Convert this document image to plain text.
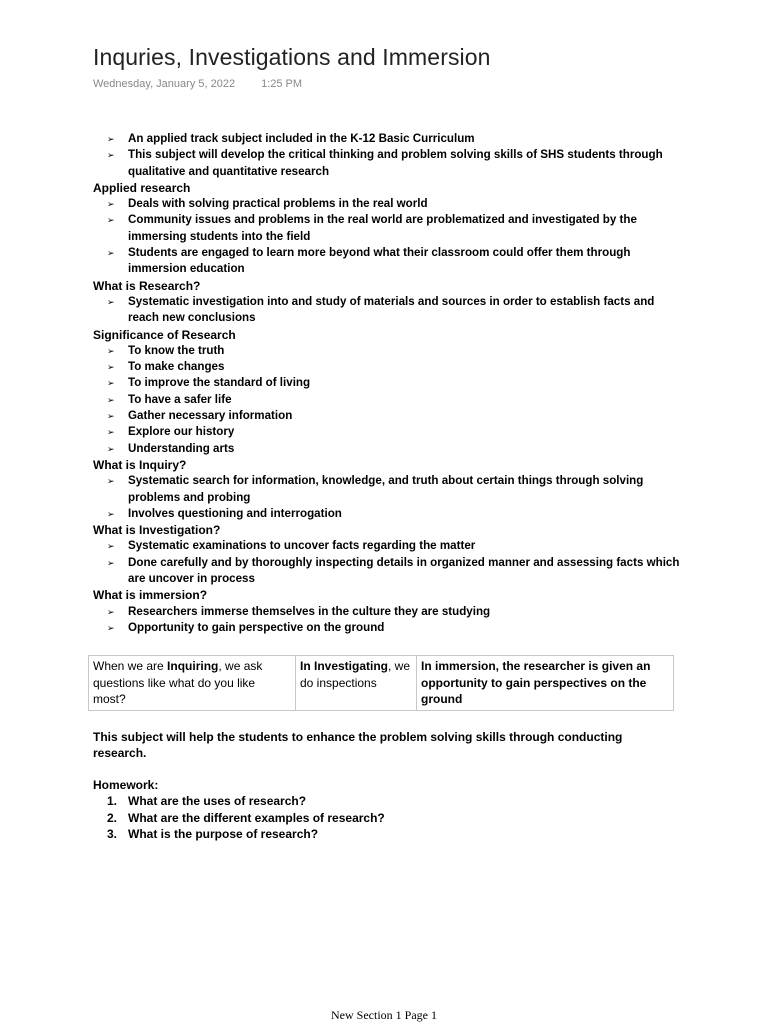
Inquries, Investigations and Immersion
Wednesday, January 5, 2022 1:25 PM
➢ An applied track subject included in the K-12 Basic Curriculum
➢ This subject will develop the critical thinking and problem solving skills of SHS students through qualitative and quantitative research
Applied research
➢ Deals with solving practical problems in the real world
➢ Community issues and problems in the real world are problematized and investigated by the immersing students into the field
➢ Students are engaged to learn more beyond what their classroom could offer them through immersion education
What is Research?
➢ Systematic investigation into and study of materials and sources in order to establish facts and reach new conclusions
Significance of Research
➢ To know the truth
➢ To make changes
➢ To improve the standard of living
➢ To have a safer life
➢ Gather necessary information
➢ Explore our history
➢ Understanding arts
What is Inquiry?
➢ Systematic search for information, knowledge, and truth about certain things through solving problems and probing
➢ Involves questioning and interrogation
What is Investigation?
➢ Systematic examinations to uncover facts regarding the matter
➢ Done carefully and by thoroughly inspecting details in organized manner and assessing facts which are uncover in process
What is immersion?
➢ Researchers immerse themselves in the culture they are studying
➢ Opportunity to gain perspective on the ground
When we are Inquiring, we ask questions like what do you like most?	In Investigating, we do inspections	In immersion, the researcher is given an opportunity to gain perspectives on the ground
This subject will help the students to enhance the problem solving skills through conducting research.
Homework:
1. What are the uses of research?
2. What are the different examples of research?
3. What is the purpose of research?
New Section 1 Page 1
